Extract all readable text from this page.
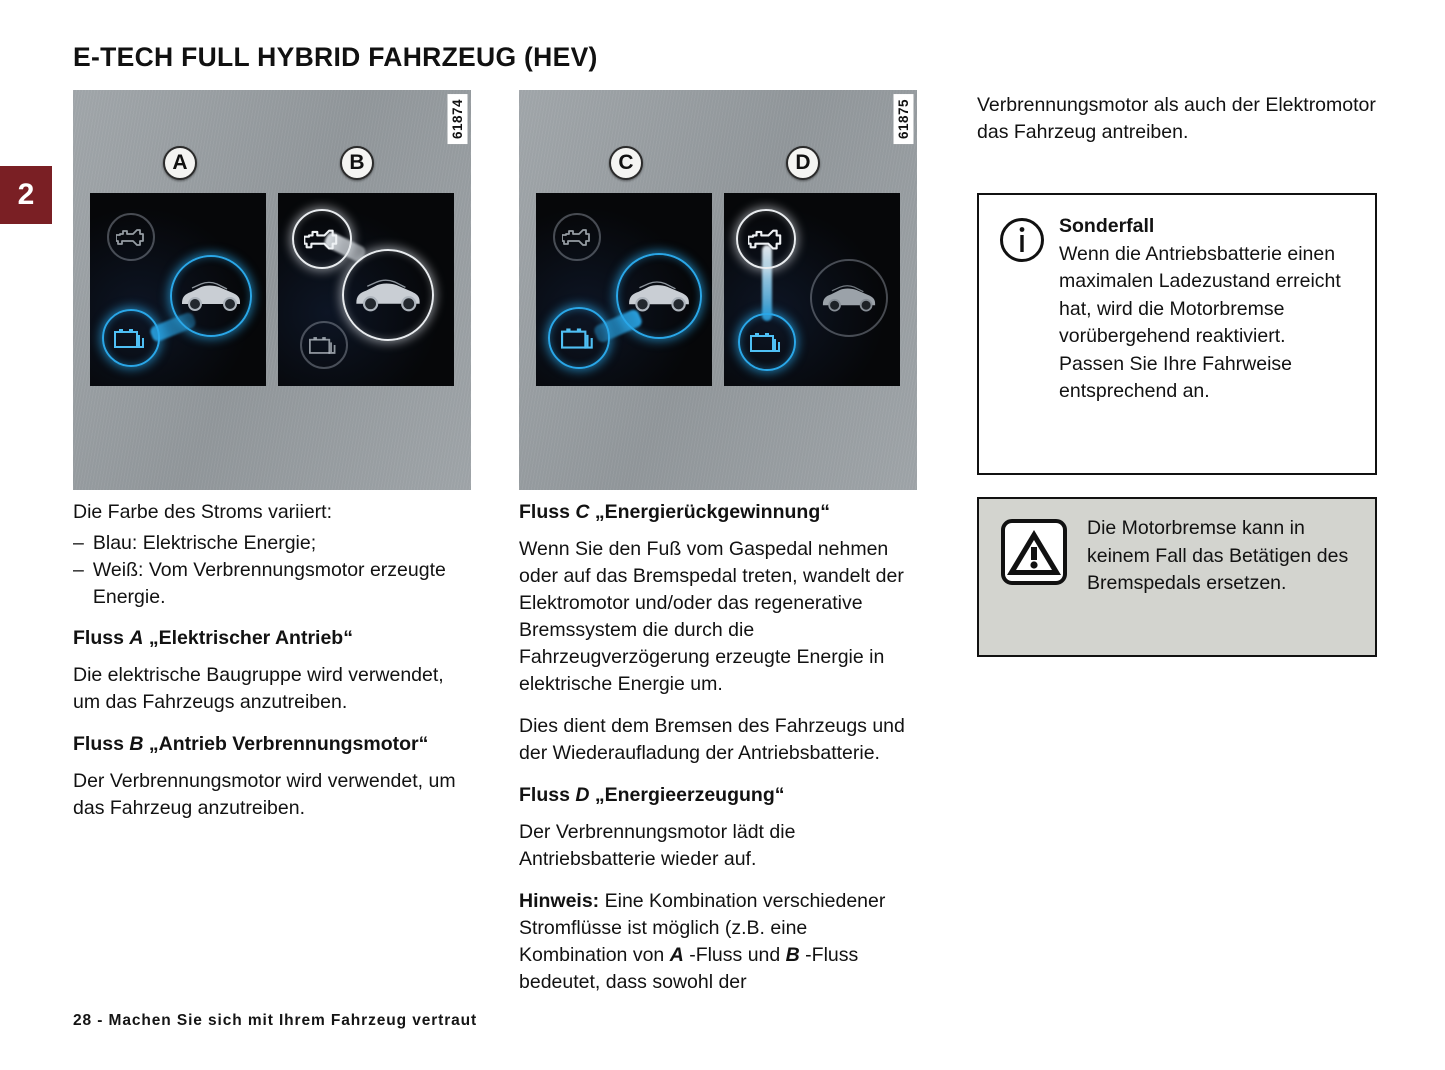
2
E-TECH FULL HYBRID FAHRZEUG (HEV)
61874
A	B
61875
C	D

Die Farbe des Stroms variiert:

– Blau: Elektrische Energie;
– Weiß: Vom Verbrennungsmotor erzeugte Energie.
Fluss A „Elektrischer Antrieb“

Die elektrische Baugruppe wird verwendet, um das Fahrzeugs anzutreiben.

Fluss B „Antrieb Verbrennungsmotor“

Der Verbrennungsmotor wird verwendet, um das Fahrzeug anzutreiben.

Fluss C „Energierückgewinnung“

Wenn Sie den Fuß vom Gaspedal nehmen oder auf das Bremspedal treten, wandelt der Elektromotor und/oder das regenerative Bremssystem die durch die Fahrzeugverzögerung erzeugte Energie in elektrische Energie um.

Dies dient dem Bremsen des Fahrzeugs und der Wiederaufladung der Antriebsbatterie.

Fluss D „Energieerzeugung“

Der Verbrennungsmotor lädt die Antriebsbatterie wieder auf.

Hinweis: Eine Kombination verschiedener Stromflüsse ist möglich (z.B. eine Kombination von A -Fluss und B -Fluss bedeutet, dass sowohl der

Verbrennungsmotor als auch der Elektromotor das Fahrzeug antreiben.

Sonderfall
Wenn die Antriebsbatterie einen maximalen Ladezustand erreicht hat, wird die Motorbremse vorübergehend reaktiviert.
Passen Sie Ihre Fahrweise entsprechend an.
Die Motorbremse kann in keinem Fall das Betätigen des Bremspedals ersetzen.
28 - Machen Sie sich mit Ihrem Fahrzeug vertraut
